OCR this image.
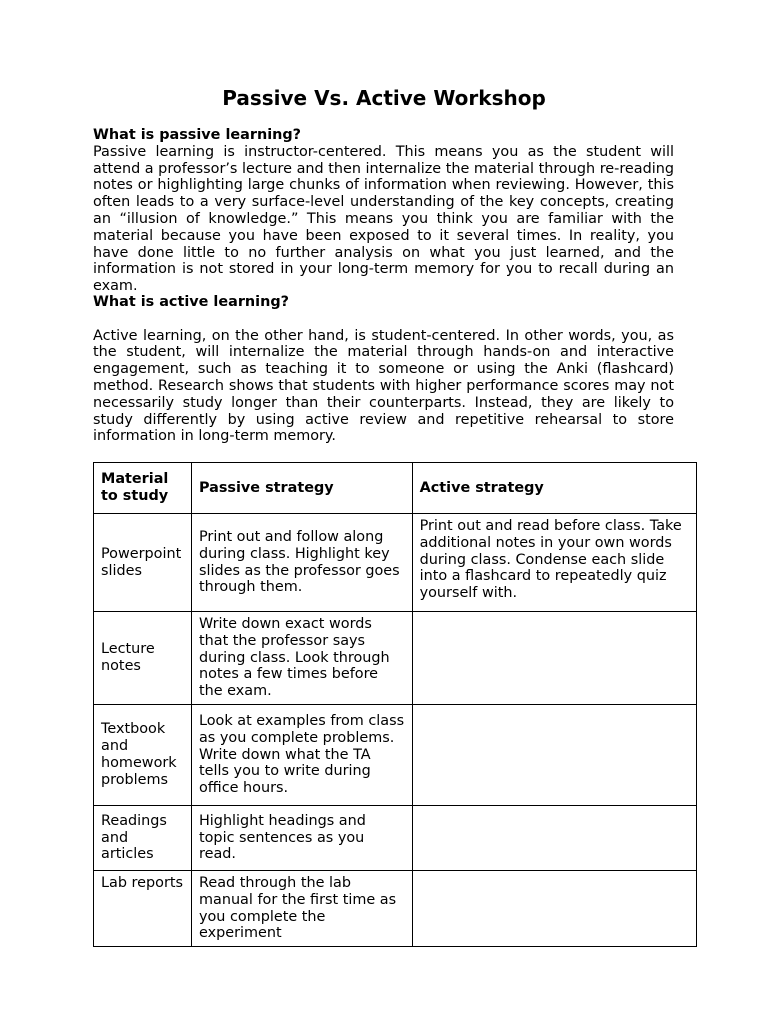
Passive Vs. Active Workshop
What is passive learning?

Passive learning is instructor-centered. This means you as the student will attend a professor’s lecture and then internalize the material through re-reading notes or highlighting large chunks of information when reviewing. However, this often leads to a very surface-level understanding of the key concepts, creating an “illusion of knowledge.” This means you think you are familiar with the material because you have been exposed to it several times. In reality, you have done little to no further analysis on what you just learned, and the information is not stored in your long-term memory for you to recall during an exam.

What is active learning?

Active learning, on the other hand, is student-centered. In other words, you, as the student, will internalize the material through hands-on and interactive engagement, such as teaching it to someone or using the Anki (flashcard) method. Research shows that students with higher performance scores may not necessarily study longer than their counterparts. Instead, they are likely to study differently by using active review and repetitive rehearsal to store information in long-term memory.

Material to study	Passive strategy	Active strategy
Powerpoint slides	Print out and follow along during class. Highlight key slides as the professor goes through them.	Print out and read before class. Take additional notes in your own words during class. Condense each slide into a flashcard to repeatedly quiz yourself with.
Lecture notes	Write down exact words that the professor says during class. Look through notes a few times before the exam.	
Textbook and homework problems	Look at examples from class as you complete problems. Write down what the TA tells you to write during office hours.	
Readings and articles	Highlight headings and topic sentences as you read.	
Lab reports	Read through the lab manual for the first time as you complete the experiment	
